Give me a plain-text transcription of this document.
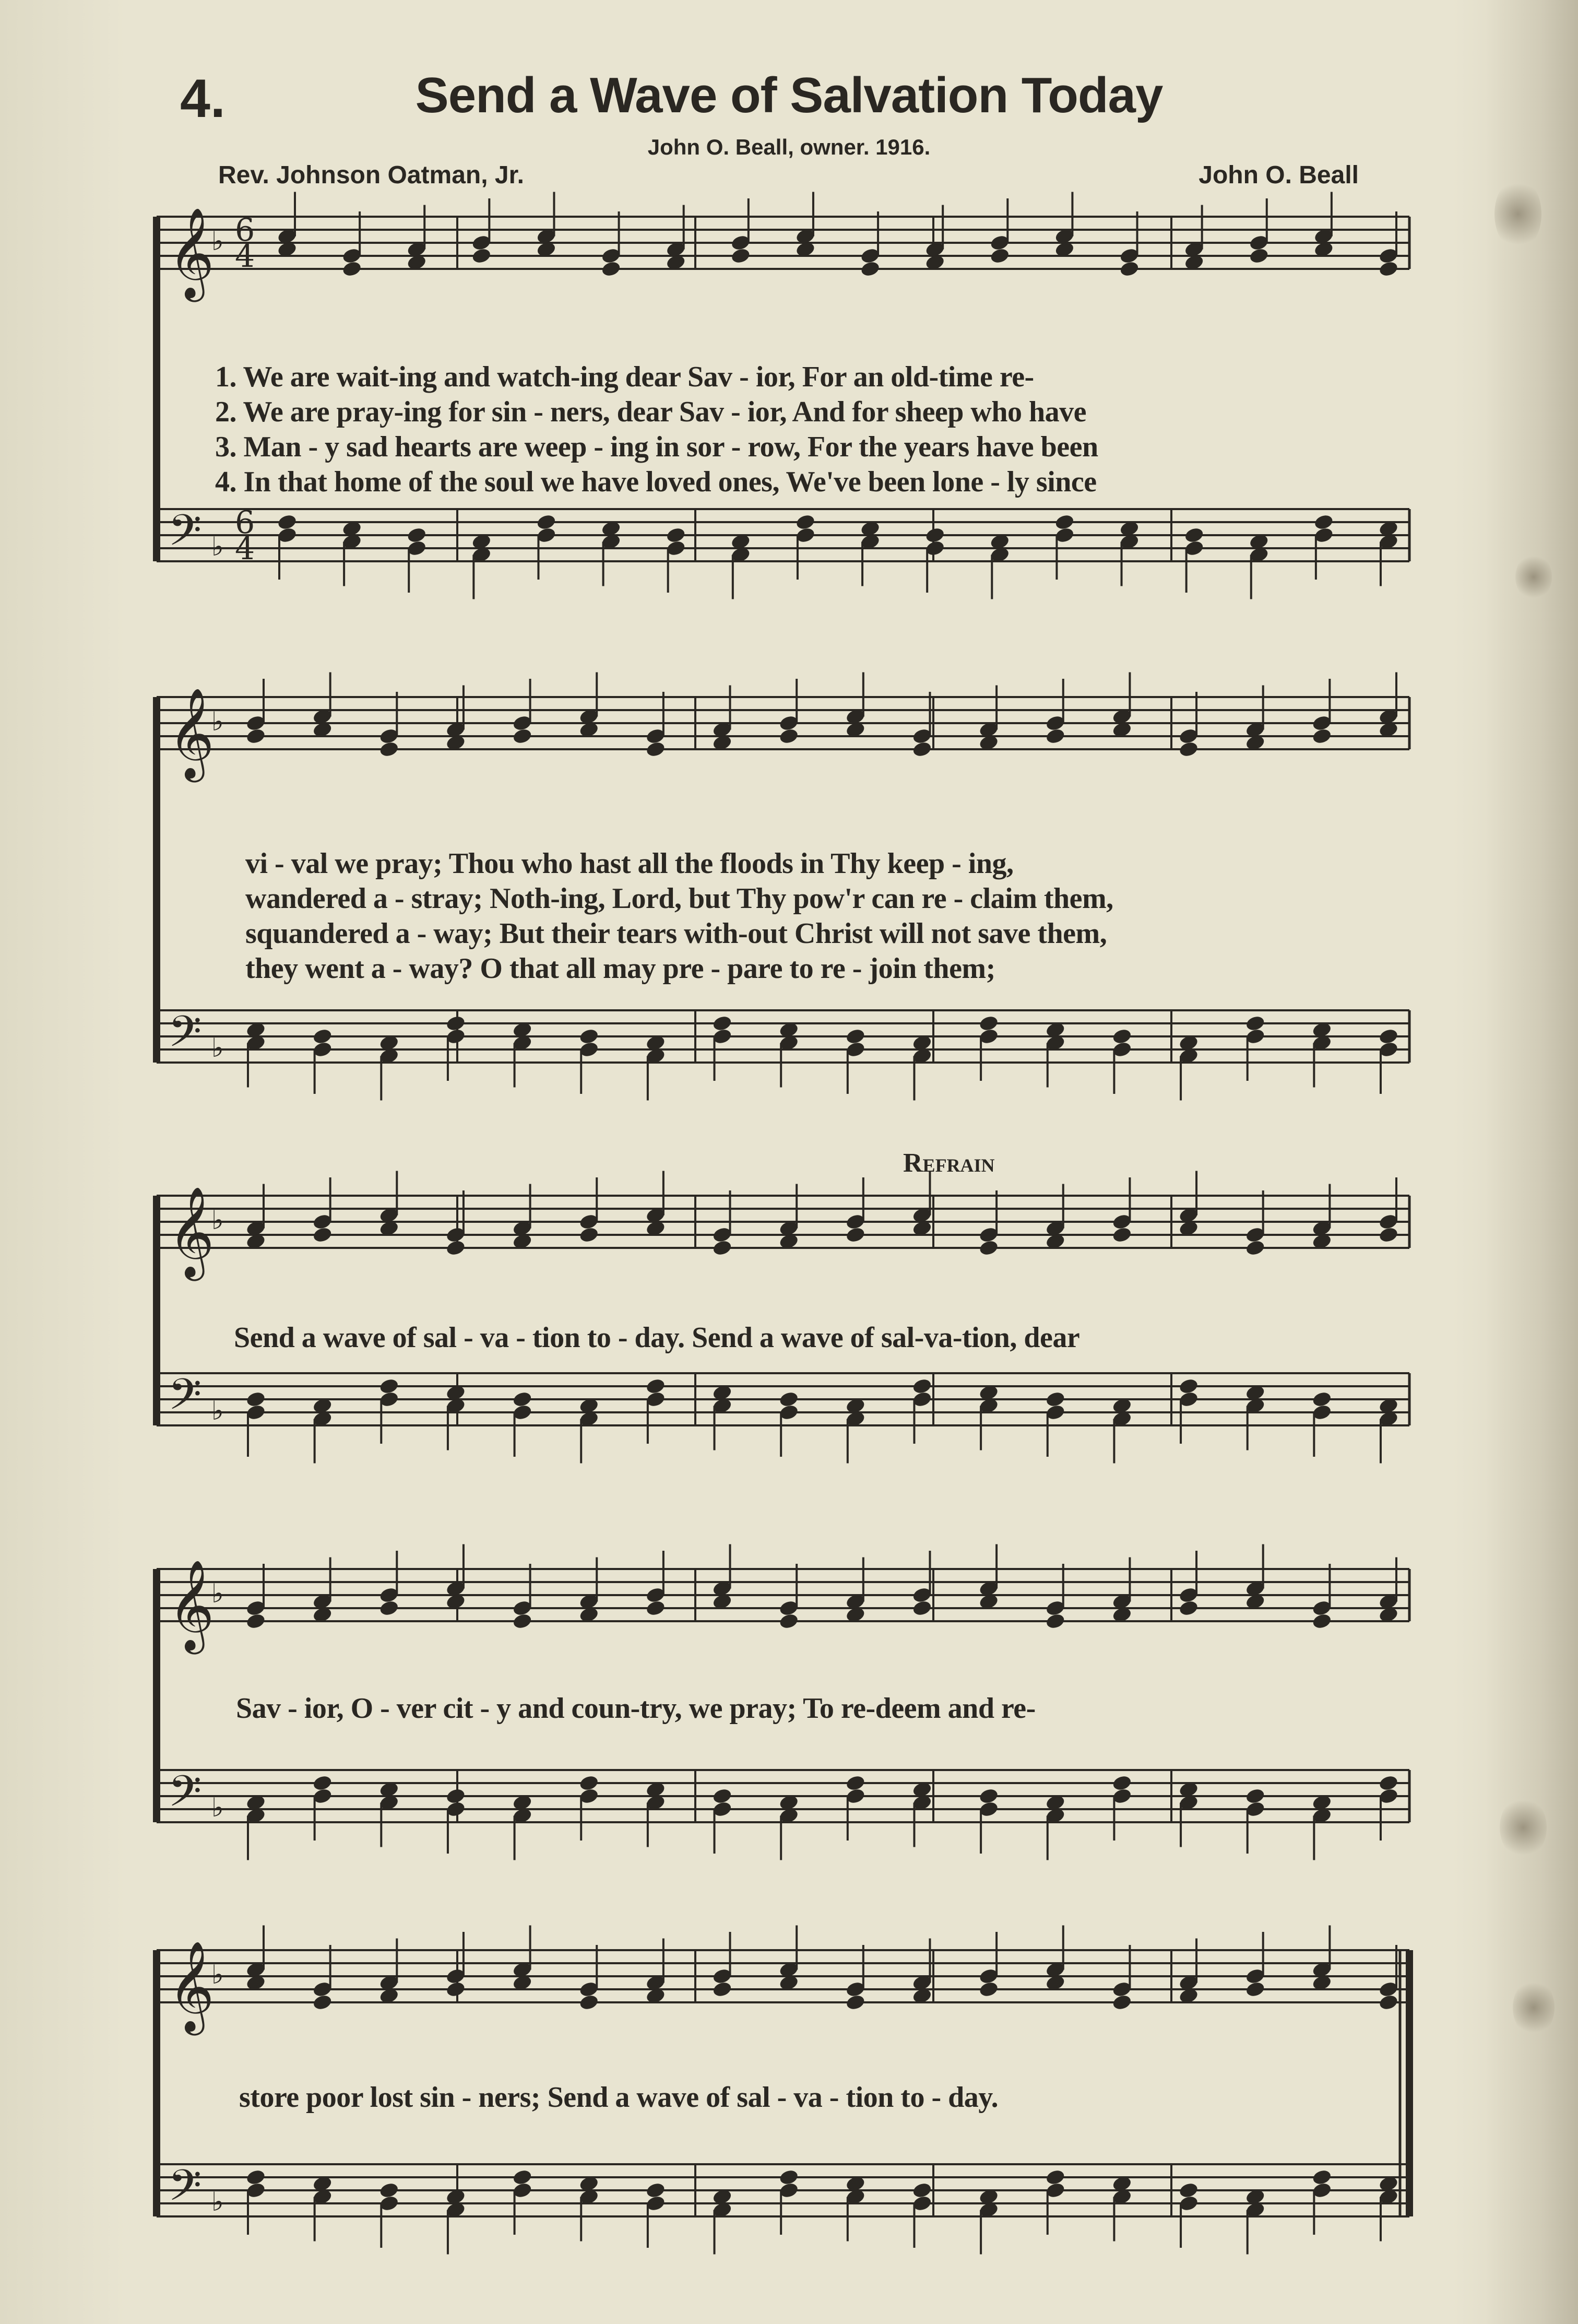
4.	Send a Wave of Salvation Today
John O. Beall, owner. 1916.
Rev. Johnson Oatman, Jr.	John O. Beall
𝄞
𝄢
♭
♭
6
4
6
4
𝄞
𝄢
♭
♭
𝄞
𝄢
♭
♭
𝄞
𝄢
♭
♭
𝄞
𝄢
♭
♭
1. We are wait-ing and watch-ing dear Sav - ior, For an old-time re-
2. We are pray-ing for sin - ners, dear Sav - ior, And for sheep who have
3. Man - y sad hearts are weep - ing in sor - row, For the years have been
4. In that home of the soul we have loved ones, We've been lone - ly since
vi - val we pray; Thou who hast all the floods in Thy keep - ing,
wandered a - stray; Noth-ing, Lord, but Thy pow'r can re - claim them,
squandered a - way; But their tears with-out Christ will not save them,
they went a - way? O that all may pre - pare to re - join them;
Refrain
Send a wave of sal - va - tion to - day. Send a wave of sal-va-tion, dear
Sav - ior, O - ver cit - y and coun-try, we pray; To re-deem and re-
store poor lost sin - ners; Send a wave of sal - va - tion to - day.
